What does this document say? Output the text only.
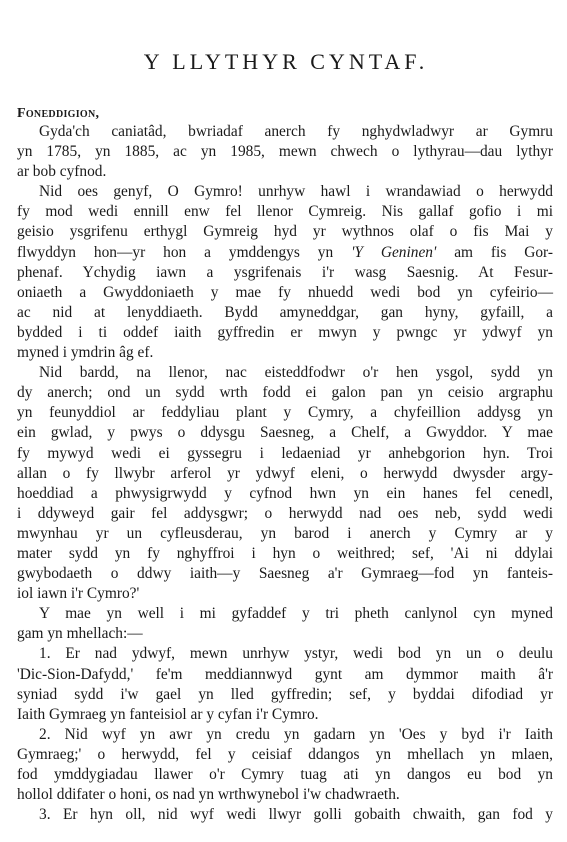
Y LLYTHYR CYNTAF.
Foneddigion,
Gyda'ch caniatâd, bwriadaf anerch fy nghydwladwyr ar Gymru
yn 1785, yn 1885, ac yn 1985, mewn chwech o lythyrau—dau lythyr
ar bob cyfnod.
Nid oes genyf, O Gymro! unrhyw hawl i wrandawiad o herwydd
fy mod wedi ennill enw fel llenor Cymreig. Nis gallaf gofio i mi
geisio ysgrifenu erthygl Gymreig hyd yr wythnos olaf o fis Mai y
flwyddyn hon—yr hon a ymddengys yn 'Y Geninen' am fis Gor-
phenaf. Ychydig iawn a ysgrifenais i'r wasg Saesnig. At Fesur-
oniaeth a Gwyddoniaeth y mae fy nhuedd wedi bod yn cyfeirio—
ac nid at lenyddiaeth. Bydd amyneddgar, gan hyny, gyfaill, a
bydded i ti oddef iaith gyffredin er mwyn y pwngc yr ydwyf yn
myned i ymdrin âg ef.
Nid bardd, na llenor, nac eisteddfodwr o'r hen ysgol, sydd yn
dy anerch; ond un sydd wrth fodd ei galon pan yn ceisio argraphu
yn feunyddiol ar feddyliau plant y Cymry, a chyfeillion addysg yn
ein gwlad, y pwys o ddysgu Saesneg, a Chelf, a Gwyddor. Y mae
fy mywyd wedi ei gyssegru i ledaeniad yr anhebgorion hyn. Troi
allan o fy llwybr arferol yr ydwyf eleni, o herwydd dwysder argy-
hoeddiad a phwysigrwydd y cyfnod hwn yn ein hanes fel cenedl,
i ddyweyd gair fel addysgwr; o herwydd nad oes neb, sydd wedi
mwynhau yr un cyfleusderau, yn barod i anerch y Cymry ar y
mater sydd yn fy nghyffroi i hyn o weithred; sef, 'Ai ni ddylai
gwybodaeth o ddwy iaith—y Saesneg a'r Gymraeg—fod yn fanteis-
iol iawn i'r Cymro?'
Y mae yn well i mi gyfaddef y tri pheth canlynol cyn myned
gam yn mhellach:—
1. Er nad ydwyf, mewn unrhyw ystyr, wedi bod yn un o deulu
'Dic-Sion-Dafydd,' fe'm meddiannwyd gynt am dymmor maith â'r
syniad sydd i'w gael yn lled gyffredin; sef, y byddai difodiad yr
Iaith Gymraeg yn fanteisiol ar y cyfan i'r Cymro.
2. Nid wyf yn awr yn credu yn gadarn yn 'Oes y byd i'r Iaith
Gymraeg;' o herwydd, fel y ceisiaf ddangos yn mhellach yn mlaen,
fod ymddygiadau llawer o'r Cymry tuag ati yn dangos eu bod yn
hollol ddifater o honi, os nad yn wrthwynebol i'w chadwraeth.
3. Er hyn oll, nid wyf wedi llwyr golli gobaith chwaith, gan fod y
